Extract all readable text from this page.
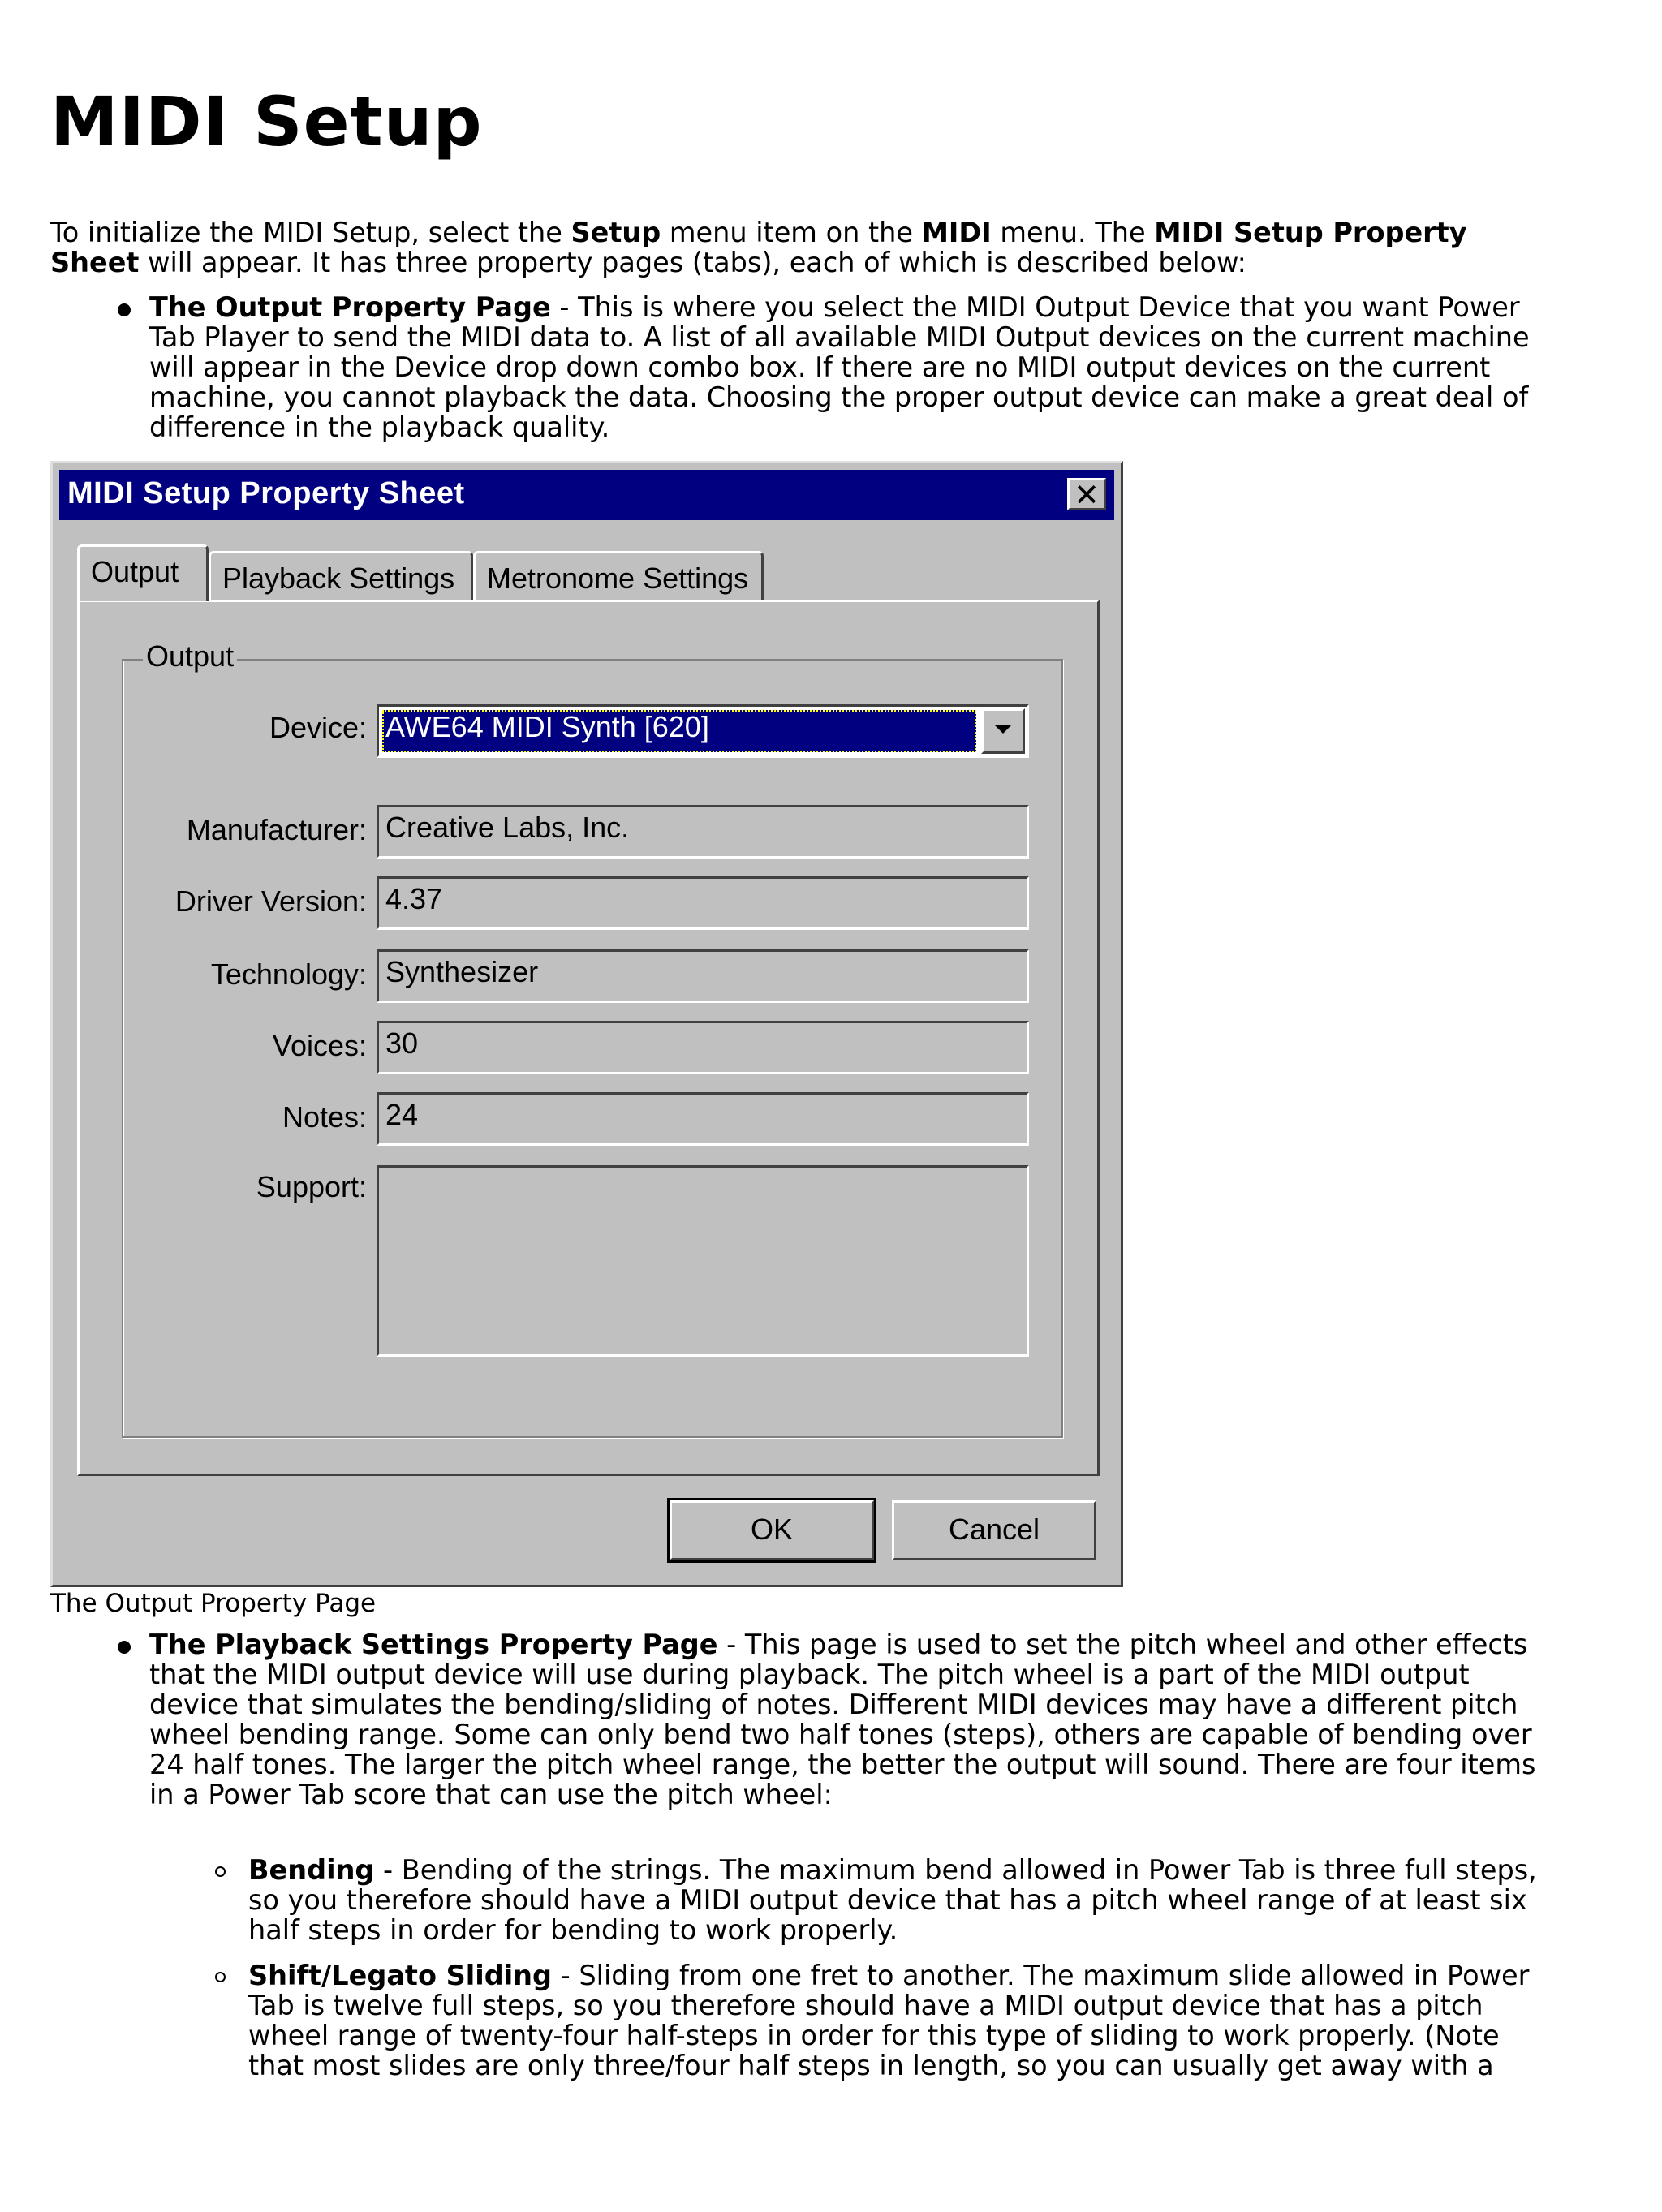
MIDI Setup

To initialize the MIDI Setup, select the Setup menu item on the MIDI menu. The MIDI Setup Property

Sheet will appear. It has three property pages (tabs), each of which is described below:

The Output Property Page - This is where you select the MIDI Output Device that you want Power

Tab Player to send the MIDI data to. A list of all available MIDI Output devices on the current machine

will appear in the Device drop down combo box. If there are no MIDI output devices on the current

machine, you cannot playback the data. Choosing the proper output device can make a great deal of

difference in the playback quality.

MIDI Setup Property Sheet	✕
Output Playback Settings Metronome Settings
Output
Device: AWE64 MIDI Synth [620]
Manufacturer: Creative Labs, Inc.
Driver Version: 4.37
Technology: Synthesizer
Voices: 30
Notes: 24
Support:
OK	Cancel
The Output Property Page

The Playback Settings Property Page - This page is used to set the pitch wheel and other effects

that the MIDI output device will use during playback. The pitch wheel is a part of the MIDI output

device that simulates the bending/sliding of notes. Different MIDI devices may have a different pitch

wheel bending range. Some can only bend two half tones (steps), others are capable of bending over

24 half tones. The larger the pitch wheel range, the better the output will sound. There are four items

in a Power Tab score that can use the pitch wheel:

Bending - Bending of the strings. The maximum bend allowed in Power Tab is three full steps,

so you therefore should have a MIDI output device that has a pitch wheel range of at least six

half steps in order for bending to work properly.

Shift/Legato Sliding - Sliding from one fret to another. The maximum slide allowed in Power

Tab is twelve full steps, so you therefore should have a MIDI output device that has a pitch

wheel range of twenty-four half-steps in order for this type of sliding to work properly. (Note

that most slides are only three/four half steps in length, so you can usually get away with a
